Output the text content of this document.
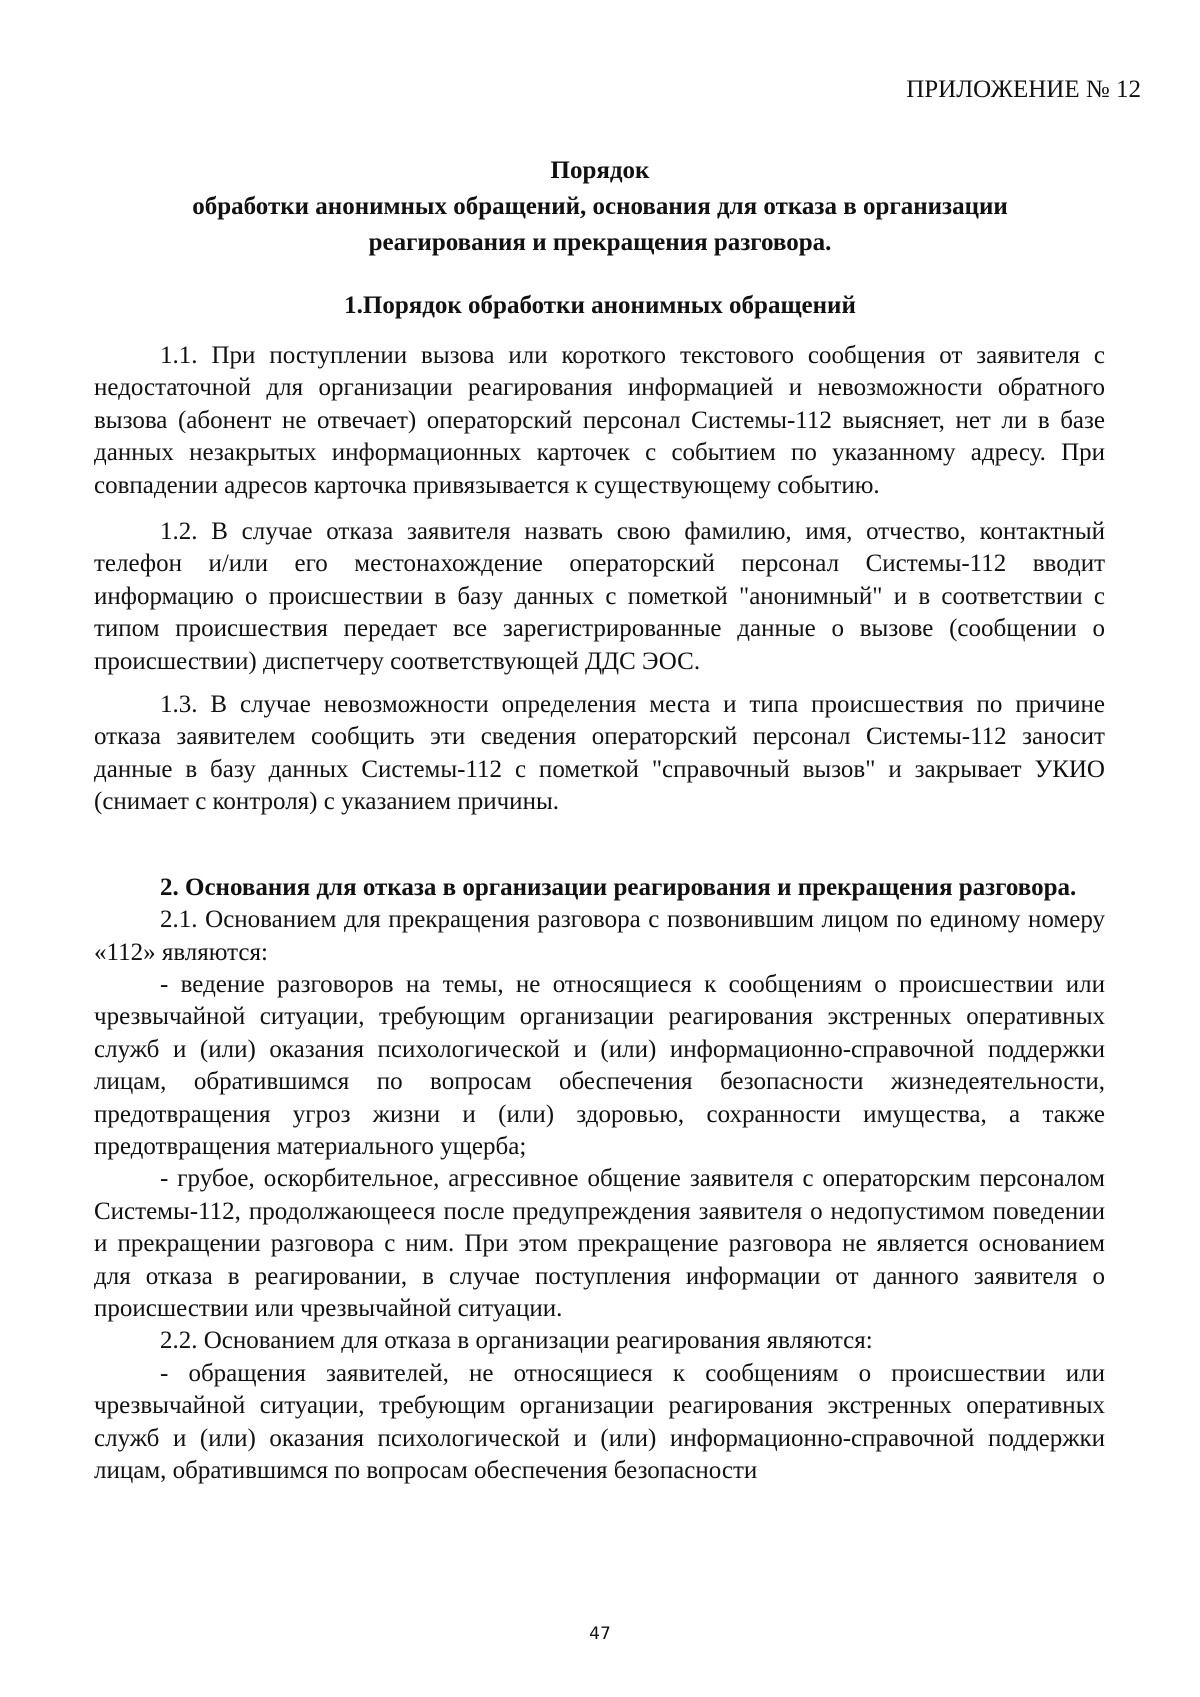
ПРИЛОЖЕНИЕ № 12

Порядок
обработки анонимных обращений, основания для отказа в организации
реагирования и прекращения разговора.
1.Порядок обработки анонимных обращений

1.1. При поступлении вызова или короткого текстового сообщения от заявителя с недостаточной для организации реагирования информацией и невозможности обратного вызова (абонент не отвечает) операторский персонал Системы-112 выясняет, нет ли в базе данных незакрытых информационных карточек с событием по указанному адресу. При совпадении адресов карточка привязывается к существующему событию.

1.2. В случае отказа заявителя назвать свою фамилию, имя, отчество, контактный телефон и/или его местонахождение операторский персонал Системы-112 вводит информацию о происшествии в базу данных с пометкой "анонимный" и в соответствии с типом происшествия передает все зарегистрированные данные о вызове (сообщении о происшествии) диспетчеру соответствующей ДДС ЭОС.

1.3. В случае невозможности определения места и типа происшествия по причине отказа заявителем сообщить эти сведения операторский персонал Системы-112 заносит данные в базу данных Системы-112 с пометкой "справочный вызов" и закрывает УКИО (снимает с контроля) с указанием причины.

2. Основания для отказа в организации реагирования и прекращения разговора.

2.1. Основанием для прекращения разговора с позвонившим лицом по единому номеру «112» являются:

- ведение разговоров на темы, не относящиеся к сообщениям о происшествии или чрезвычайной ситуации, требующим организации реагирования экстренных оперативных служб и (или) оказания психологической и (или) информационно-справочной поддержки лицам, обратившимся по вопросам обеспечения безопасности жизнедеятельности, предотвращения угроз жизни и (или) здоровью, сохранности имущества, а также предотвращения материального ущерба;

- грубое, оскорбительное, агрессивное общение заявителя с операторским персоналом Системы-112, продолжающееся после предупреждения заявителя о недопустимом поведении и прекращении разговора с ним. При этом прекращение разговора не является основанием для отказа в реагировании, в случае поступления информации от данного заявителя о происшествии или чрезвычайной ситуации.

2.2. Основанием для отказа в организации реагирования являются:

- обращения заявителей, не относящиеся к сообщениям о происшествии или чрезвычайной ситуации, требующим организации реагирования экстренных оперативных служб и (или) оказания психологической и (или) информационно-справочной поддержки лицам, обратившимся по вопросам обеспечения безопасности

47
